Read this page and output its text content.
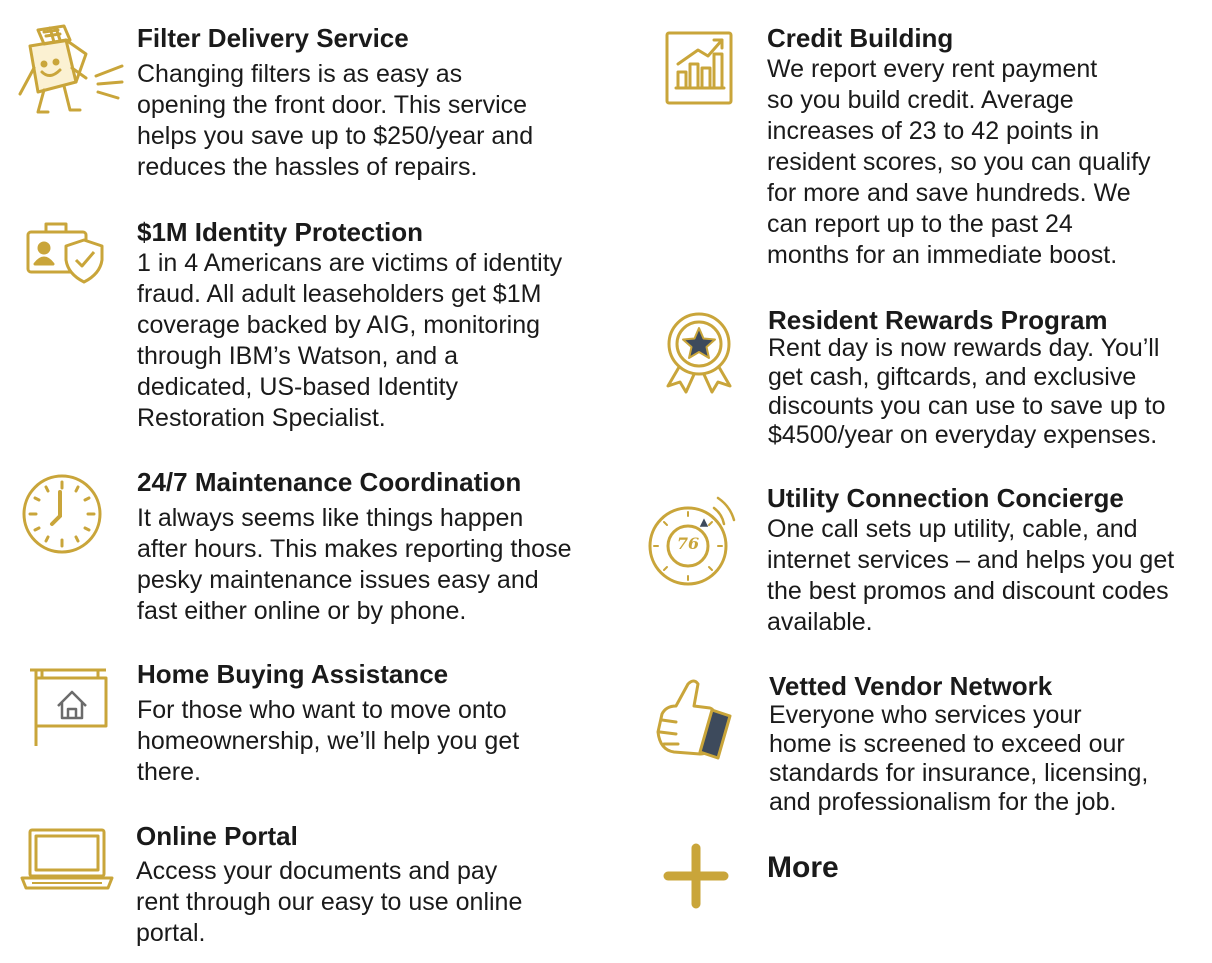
Filter Delivery Service
Changing filters is as easy as
opening the front door. This service
helps you save up to $250/year and
reduces the hassles of repairs.
$1M Identity Protection
1 in 4 Americans are victims of identity
fraud. All adult leaseholders get $1M
coverage backed by AIG, monitoring
through IBM’s Watson, and a
dedicated, US-based Identity
Restoration Specialist.
24/7 Maintenance Coordination
It always seems like things happen
after hours. This makes reporting those
pesky maintenance issues easy and
fast either online or by phone.
Home Buying Assistance
For those who want to move onto
homeownership, we’ll help you get
there.
Online Portal
Access your documents and pay
rent through our easy to use online
portal.
Credit Building
We report every rent payment
so you build credit. Average
increases of 23 to 42 points in
resident scores, so you can qualify
for more and save hundreds. We
can report up to the past 24
months for an immediate boost.
Resident Rewards Program
Rent day is now rewards day. You’ll
get cash, giftcards, and exclusive
discounts you can use to save up to
$4500/year on everyday expenses.
76
Utility Connection Concierge
One call sets up utility, cable, and
internet services – and helps you get
the best promos and discount codes
available.
Vetted Vendor Network
Everyone who services your
home is screened to exceed our
standards for insurance, licensing,
and professionalism for the job.
More
